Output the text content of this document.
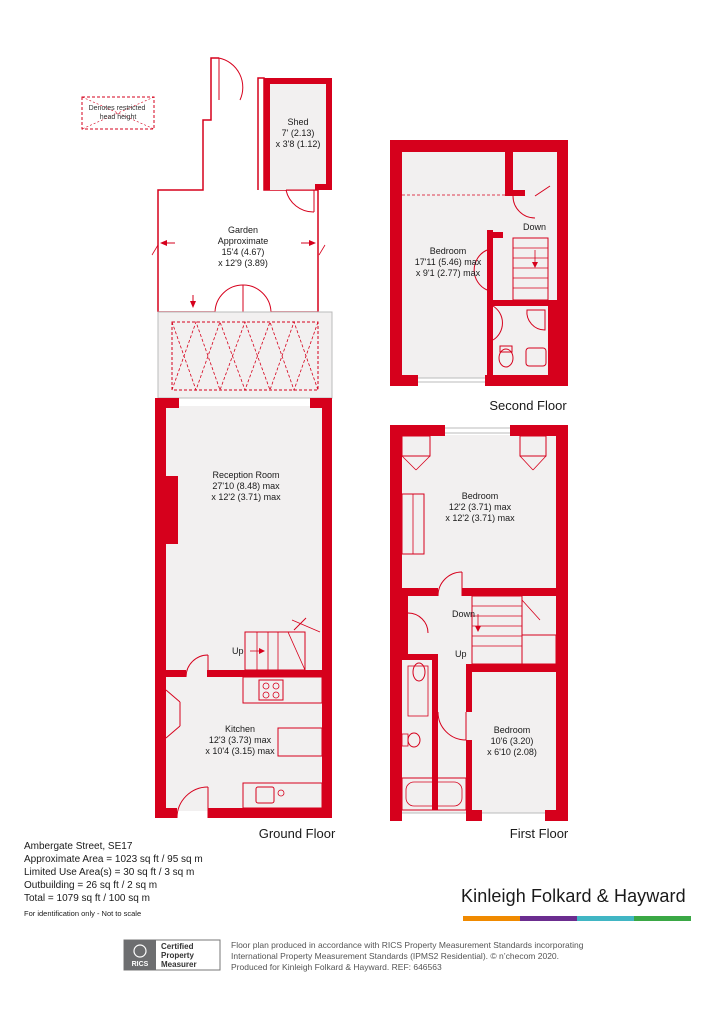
Denotes restricted head height	Shed
7' (2.13)
x 3'8 (1.12)
Garden
Approximate
15'4 (4.67)
x 12'9 (3.89)
Reception Room
27'10 (8.48) max
x 12'2 (3.71) max
Up
Kitchen
12'3 (3.73) max
x 10'4 (3.15) max
Ground Floor
Bedroom
17'11 (5.46) max
x 9'1 (2.77) max
Down
Second Floor
Bedroom
12'2 (3.71) max
x 12'2 (3.71) max
Down
Up
Bedroom
10'6 (3.20)
x 6'10 (2.08)
First Floor
RICS
Certified
Property
Measurer
Ambergate Street, SE17
Approximate Area = 1023 sq ft / 95 sq m
Limited Use Area(s) = 30 sq ft / 3 sq m
Outbuilding = 26 sq ft / 2 sq m
Total = 1079 sq ft / 100 sq m
For identification only - Not to scale
Kinleigh Folkard & Hayward
Floor plan produced in accordance with RICS Property Measurement Standards incorporating
International Property Measurement Standards (IPMS2 Residential). © n’checom 2020.
Produced for Kinleigh Folkard & Hayward. REF: 646563
